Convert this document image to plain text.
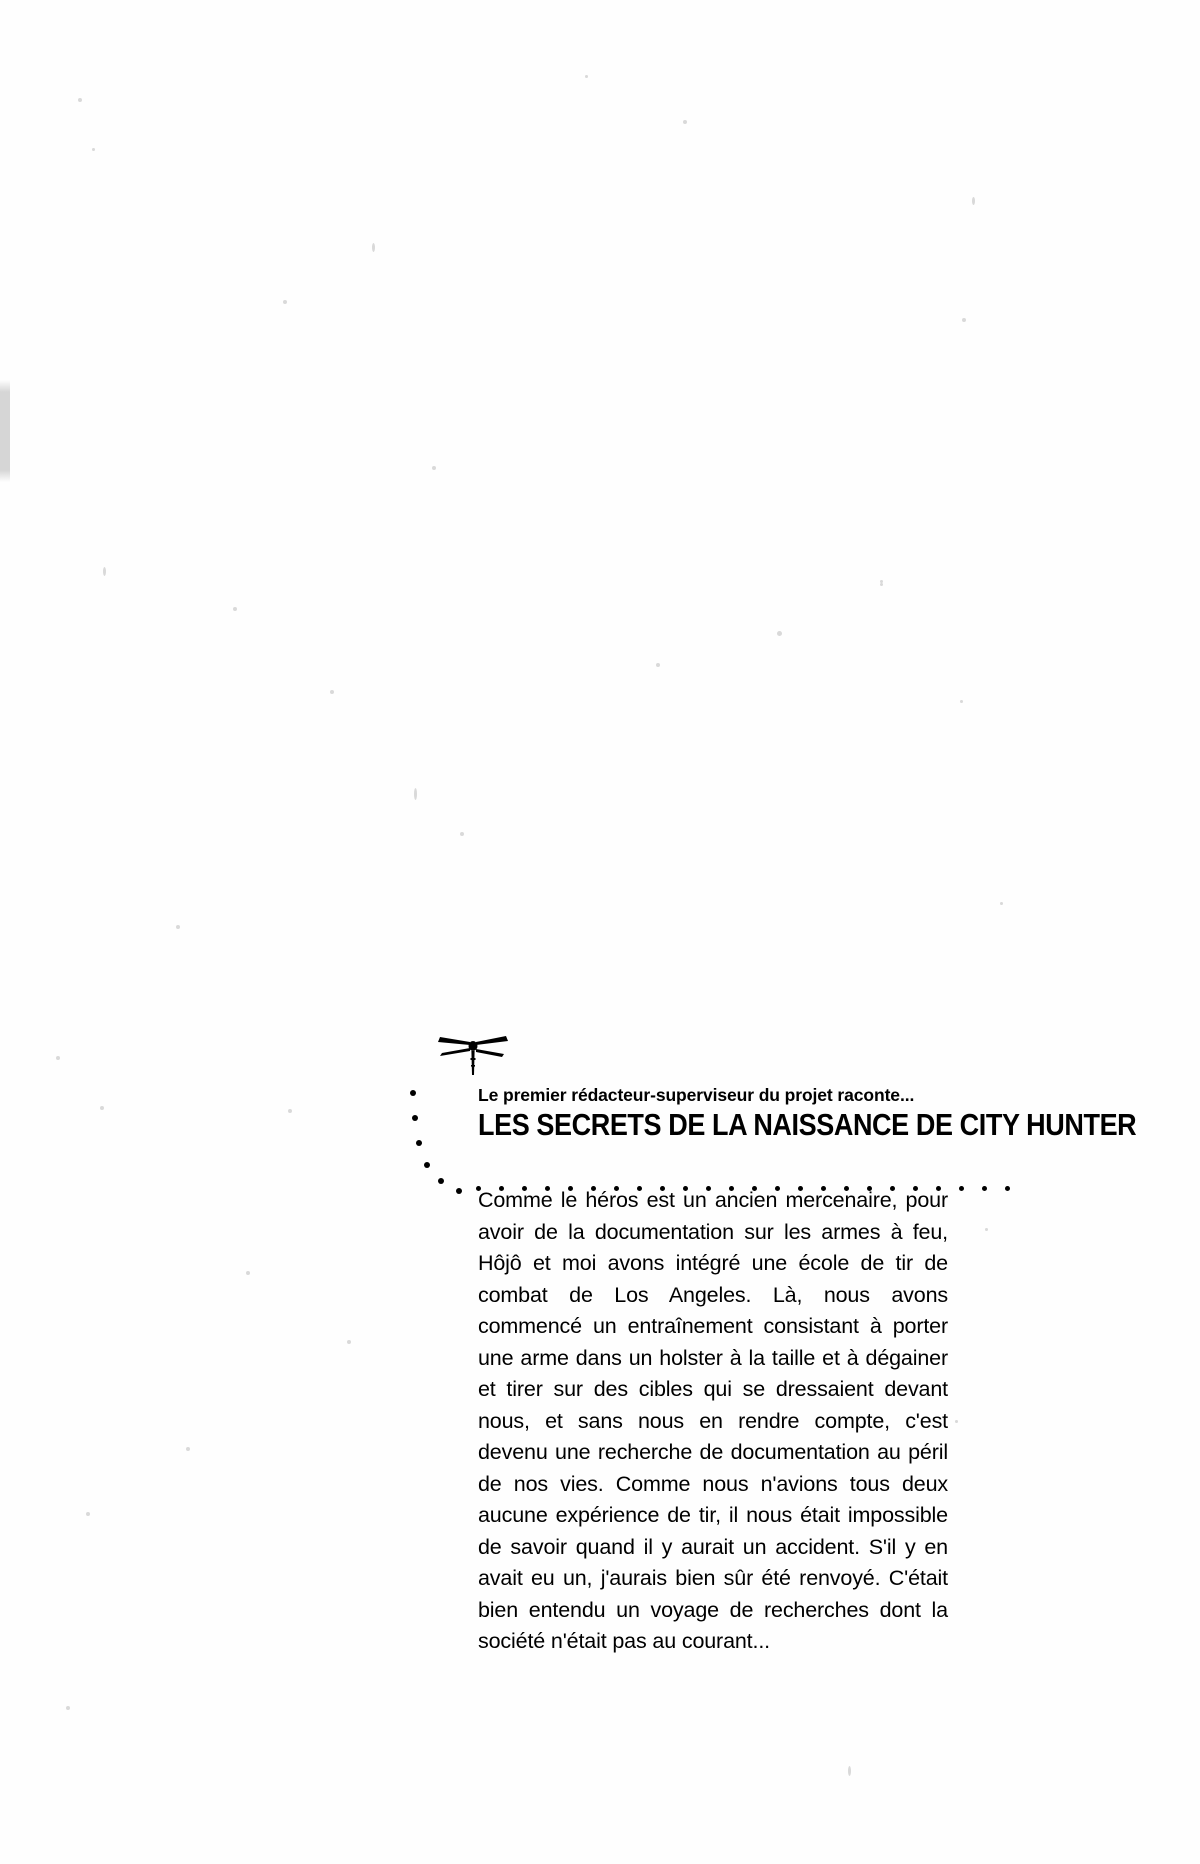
Le premier rédacteur-superviseur du projet raconte...

LES SECRETS DE LA NAISSANCE DE CITY HUNTER

Comme le héros est un ancien mercenaire, pour avoir de la documentation sur les armes à feu, Hôjô et moi avons intégré une école de tir de combat de Los Angeles. Là, nous avons commencé un entraînement consistant à porter une arme dans un holster à la taille et à dégainer et tirer sur des cibles qui se dressaient devant nous, et sans nous en rendre compte, c'est devenu une recherche de documentation au péril de nos vies. Comme nous n'avions tous deux aucune expérience de tir, il nous était impossible de savoir quand il y aurait un accident. S'il y en avait eu un, j'aurais bien sûr été renvoyé. C'était bien entendu un voyage de recherches dont la société n'était pas au courant...
